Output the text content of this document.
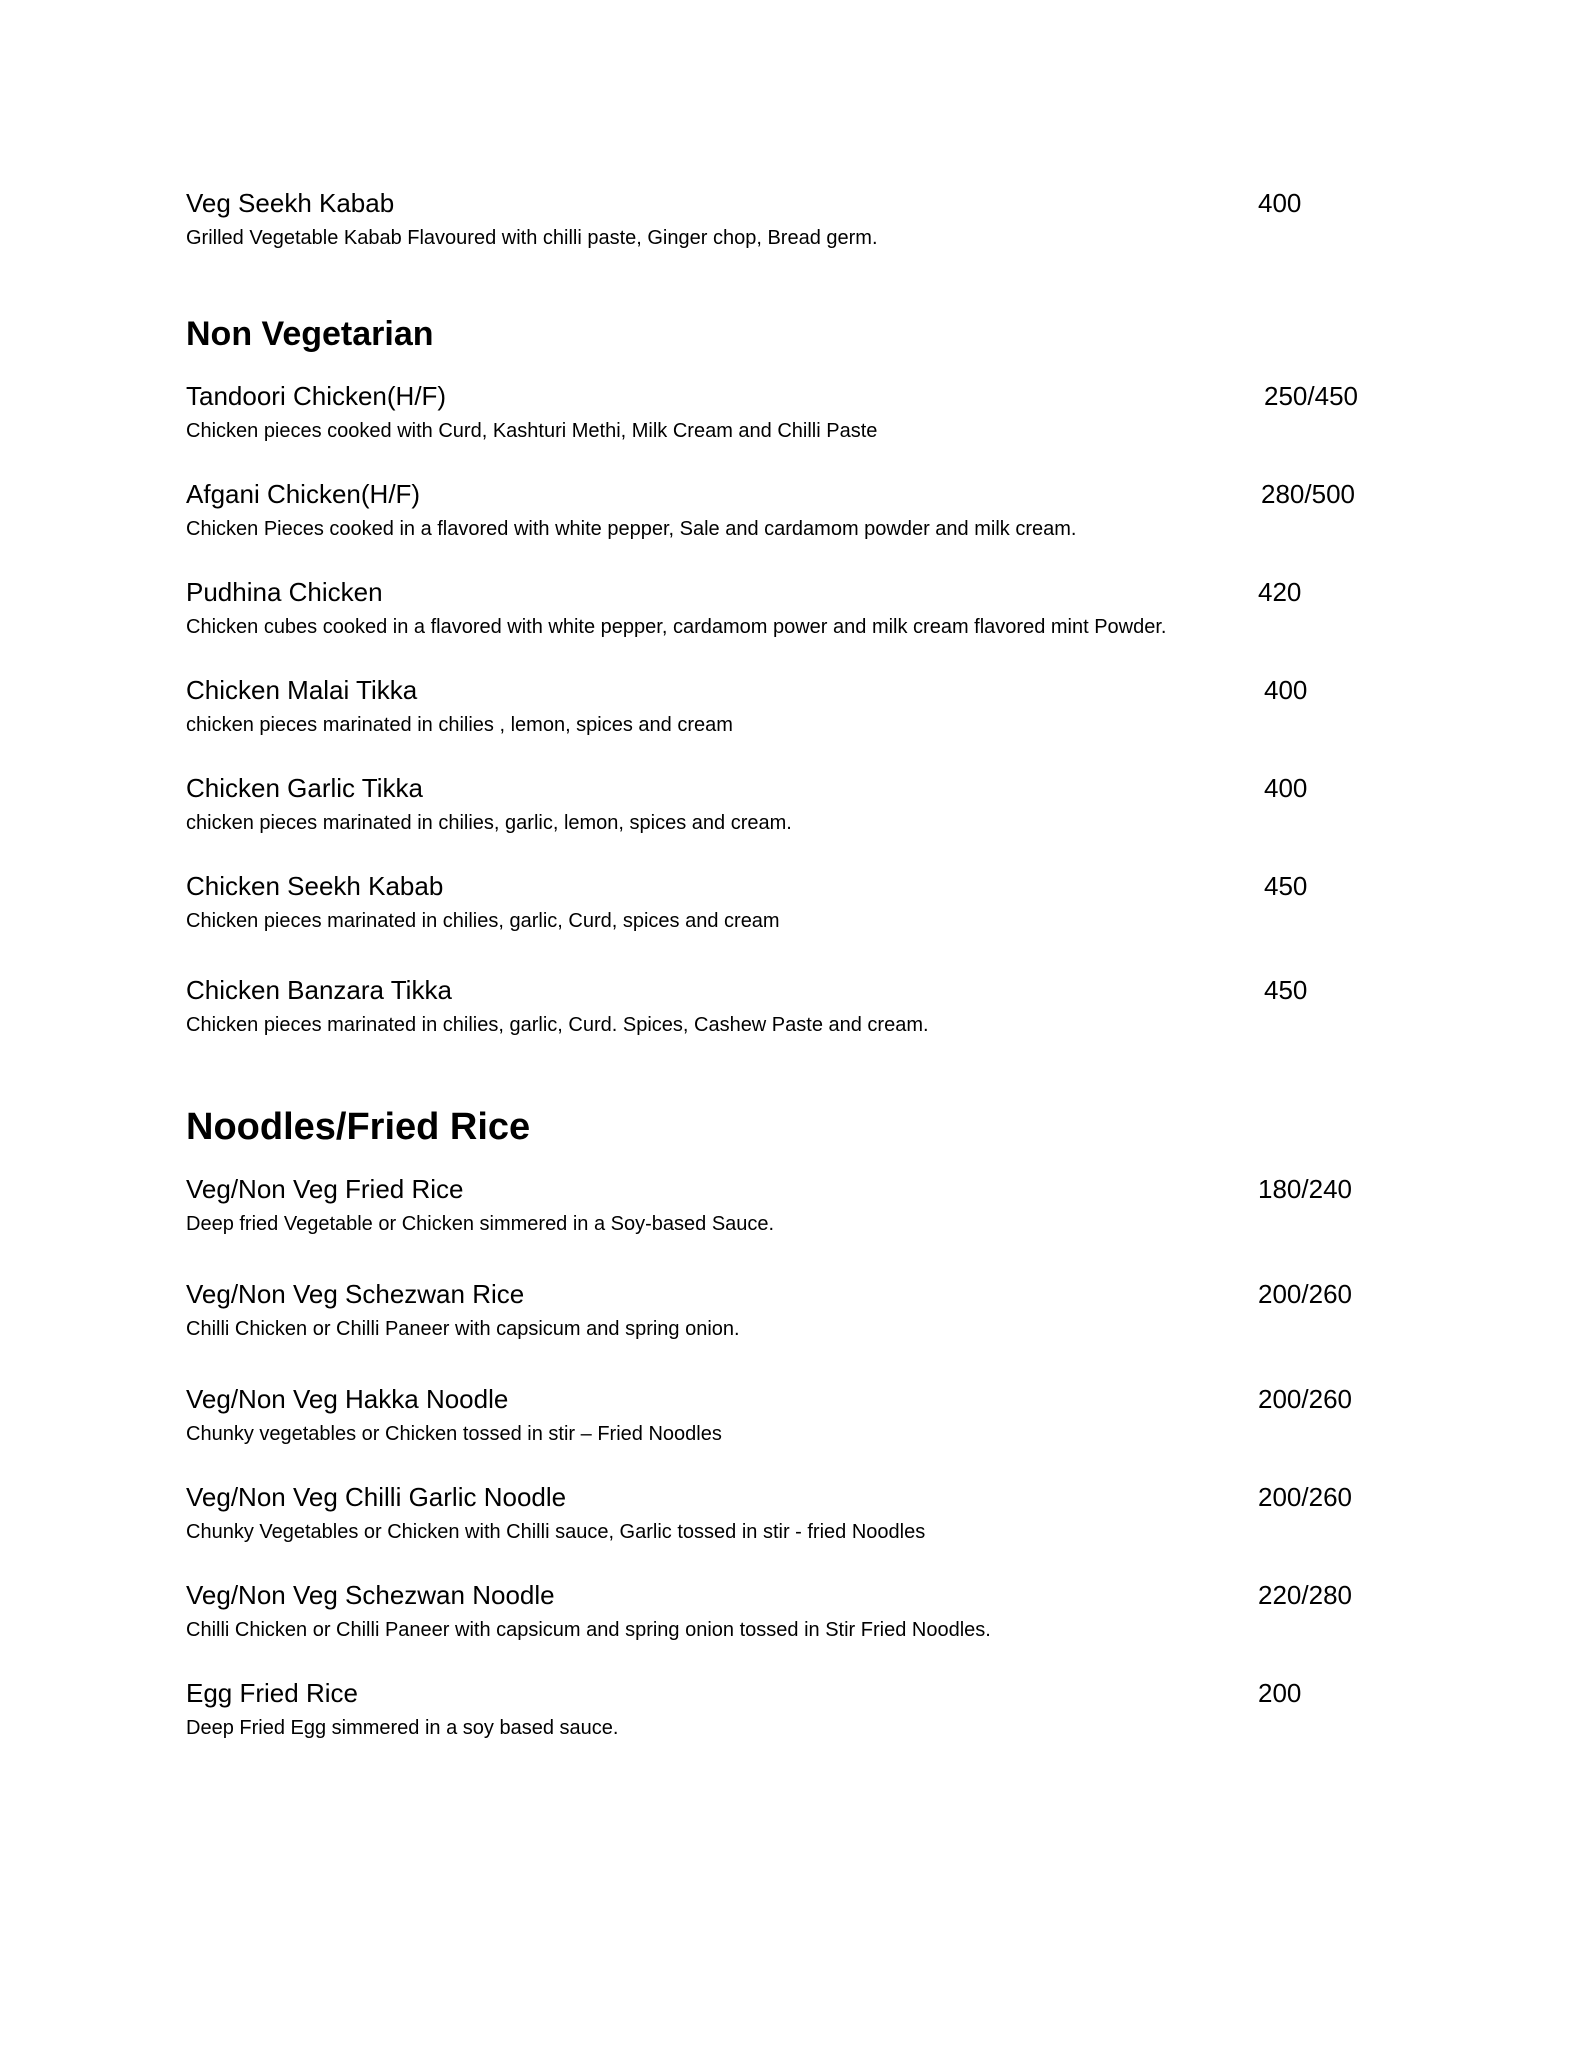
Veg Seekh Kabab	400
Grilled Vegetable Kabab Flavoured with chilli paste, Ginger chop, Bread germ.
Non Vegetarian
Tandoori Chicken(H/F)	250/450
Chicken pieces cooked with Curd, Kashturi Methi, Milk Cream and Chilli Paste
Afgani Chicken(H/F)	280/500
Chicken Pieces cooked in a flavored with white pepper, Sale and cardamom powder and milk cream.
Pudhina Chicken	420
Chicken cubes cooked in a flavored with white pepper, cardamom power and milk cream flavored mint Powder.
Chicken Malai Tikka	400
chicken pieces marinated in chilies , lemon, spices and cream
Chicken Garlic Tikka	400
chicken pieces marinated in chilies, garlic, lemon, spices and cream.
Chicken Seekh Kabab	450
Chicken pieces marinated in chilies, garlic, Curd, spices and cream
Chicken Banzara Tikka	450
Chicken pieces marinated in chilies, garlic, Curd. Spices, Cashew Paste and cream.
Noodles/Fried Rice
Veg/Non Veg Fried Rice	180/240
Deep fried Vegetable or Chicken simmered in a Soy-based Sauce.
Veg/Non Veg Schezwan Rice	200/260
Chilli Chicken or Chilli Paneer with capsicum and spring onion.
Veg/Non Veg Hakka Noodle	200/260
Chunky vegetables or Chicken tossed in stir – Fried Noodles
Veg/Non Veg Chilli Garlic Noodle	200/260
Chunky Vegetables or Chicken with Chilli sauce, Garlic tossed in stir - fried Noodles
Veg/Non Veg Schezwan Noodle	220/280
Chilli Chicken or Chilli Paneer with capsicum and spring onion tossed in Stir Fried Noodles.
Egg Fried Rice	200
Deep Fried Egg simmered in a soy based sauce.
